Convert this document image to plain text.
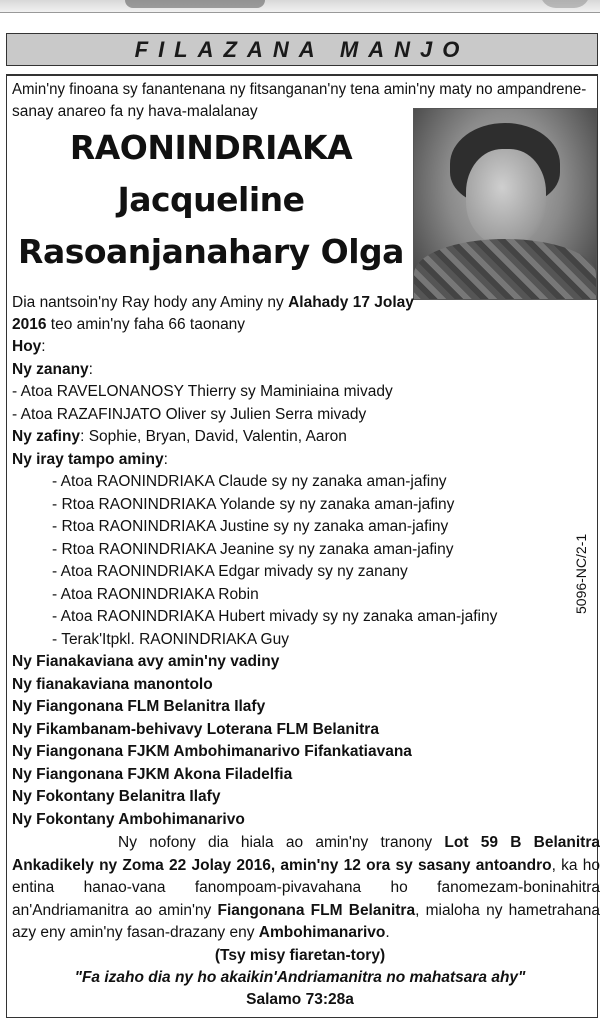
FILAZANA MANJO
Amin'ny finoana sy fanantenana ny fitsanganan'ny tena amin'ny maty no ampandrene-
sanay anareo fa ny hava-malalanay
RAONINDRIAKA
Jacqueline
Rasoanjanahary Olga
Dia nantsoin'ny Ray hody any Aminy ny Alahady 17 Jolay
2016 teo amin'ny faha 66 taonany
Hoy:
Ny zanany:
- Atoa RAVELONANOSY Thierry sy Maminiaina mivady
- Atoa RAZAFINJATO Oliver sy Julien Serra mivady
Ny zafiny: Sophie, Bryan, David, Valentin, Aaron
Ny iray tampo aminy:
- Atoa RAONINDRIAKA Claude sy ny zanaka aman-jafiny
- Rtoa RAONINDRIAKA Yolande sy ny zanaka aman-jafiny
- Rtoa RAONINDRIAKA Justine sy ny zanaka aman-jafiny
- Rtoa RAONINDRIAKA Jeanine sy ny zanaka aman-jafiny
- Atoa RAONINDRIAKA Edgar mivady sy ny zanany
- Atoa RAONINDRIAKA Robin
- Atoa RAONINDRIAKA Hubert mivady sy ny zanaka aman-jafiny
- Terak'Itpkl. RAONINDRIAKA Guy
Ny Fianakaviana avy amin'ny vadiny
Ny fianakaviana manontolo
Ny Fiangonana FLM Belanitra Ilafy
Ny Fikambanam-behivavy Loterana FLM Belanitra
Ny Fiangonana FJKM Ambohimanarivo Fifankatiavana
Ny Fiangonana FJKM Akona Filadelfia
Ny Fokontany Belanitra Ilafy
Ny Fokontany Ambohimanarivo
5096-NC/2-1
Ny nofony dia hiala ao amin'ny tranony Lot 59 B Belanitra Ankadikely ny Zoma 22 Jolay 2016, amin'ny 12 ora sy sasany antoandro, ka ho entina hanao-vana fanompoam-pivavahana ho fanomezam-boninahitra an'Andriamanitra ao amin'ny Fiangonana FLM Belanitra, mialoha ny hametrahana azy eny amin'ny fasan-drazany eny Ambohimanarivo.
(Tsy misy fiaretan-tory)
"Fa izaho dia ny ho akaikin'Andriamanitra no mahatsara ahy"
Salamo 73:28a
